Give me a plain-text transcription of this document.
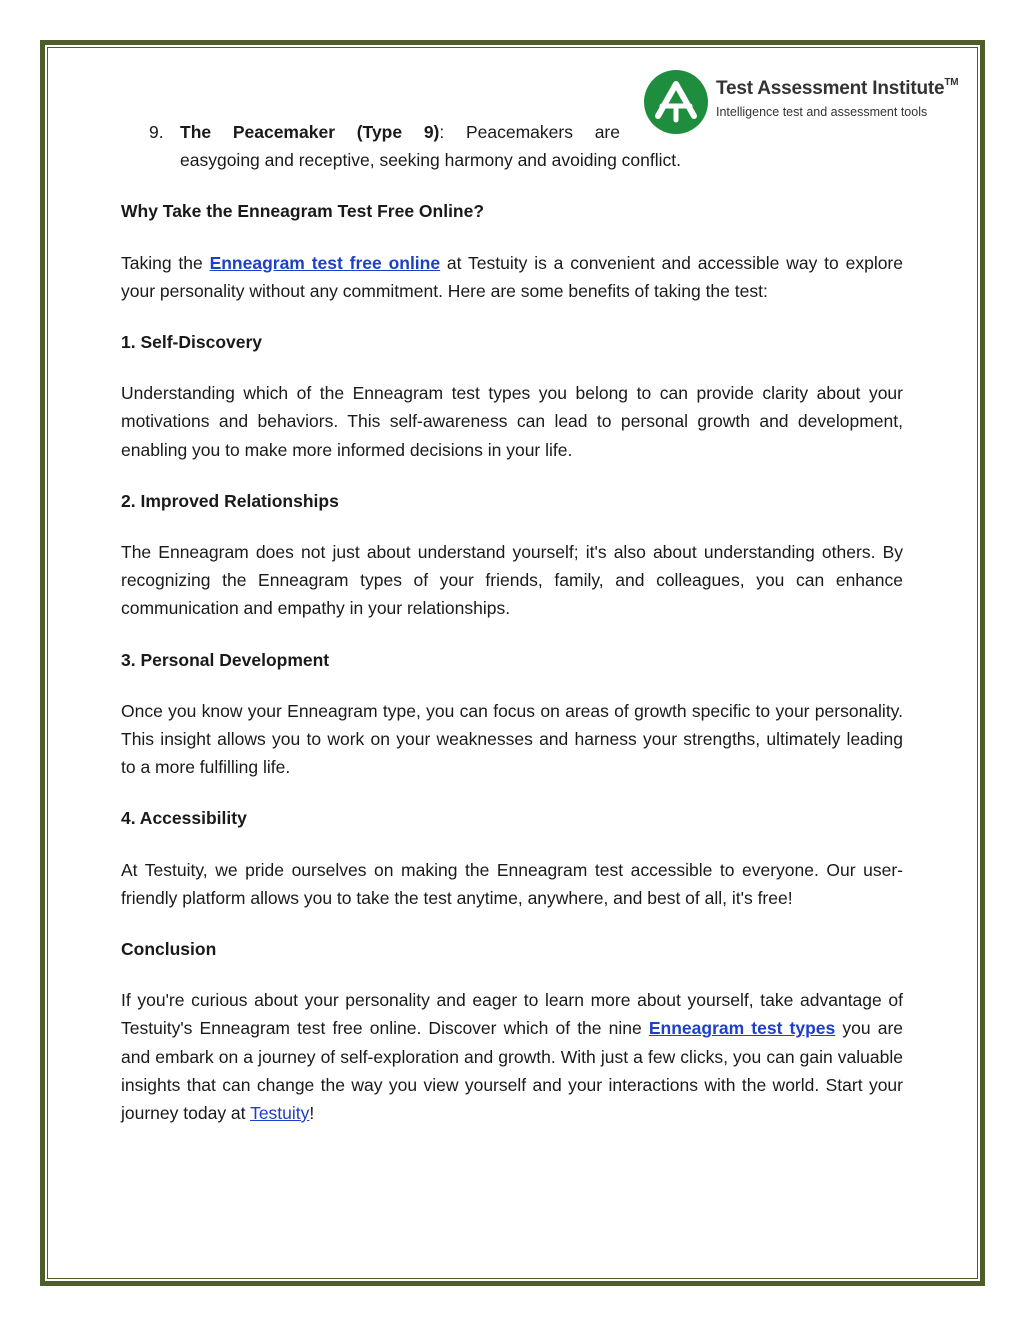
Test Assessment Institute™
Intelligence test and assessment tools
9. The Peacemaker (Type 9): Peacemakers are
easygoing and receptive, seeking harmony and avoiding conflict.

Why Take the Enneagram Test Free Online?

Taking the Enneagram test free online at Testuity is a convenient and accessible way to explore your personality without any commitment. Here are some benefits of taking the test:

1. Self-Discovery

Understanding which of the Enneagram test types you belong to can provide clarity about your motivations and behaviors. This self-awareness can lead to personal growth and development, enabling you to make more informed decisions in your life.

2. Improved Relationships

The Enneagram does not just about understand yourself; it's also about understanding others. By recognizing the Enneagram types of your friends, family, and colleagues, you can enhance communication and empathy in your relationships.

3. Personal Development

Once you know your Enneagram type, you can focus on areas of growth specific to your personality. This insight allows you to work on your weaknesses and harness your strengths, ultimately leading to a more fulfilling life.

4. Accessibility

At Testuity, we pride ourselves on making the Enneagram test accessible to everyone. Our user-friendly platform allows you to take the test anytime, anywhere, and best of all, it's free!

Conclusion

If you're curious about your personality and eager to learn more about yourself, take advantage of Testuity's Enneagram test free online. Discover which of the nine Enneagram test types you are and embark on a journey of self-exploration and growth. With just a few clicks, you can gain valuable insights that can change the way you view yourself and your interactions with the world. Start your journey today at Testuity!
